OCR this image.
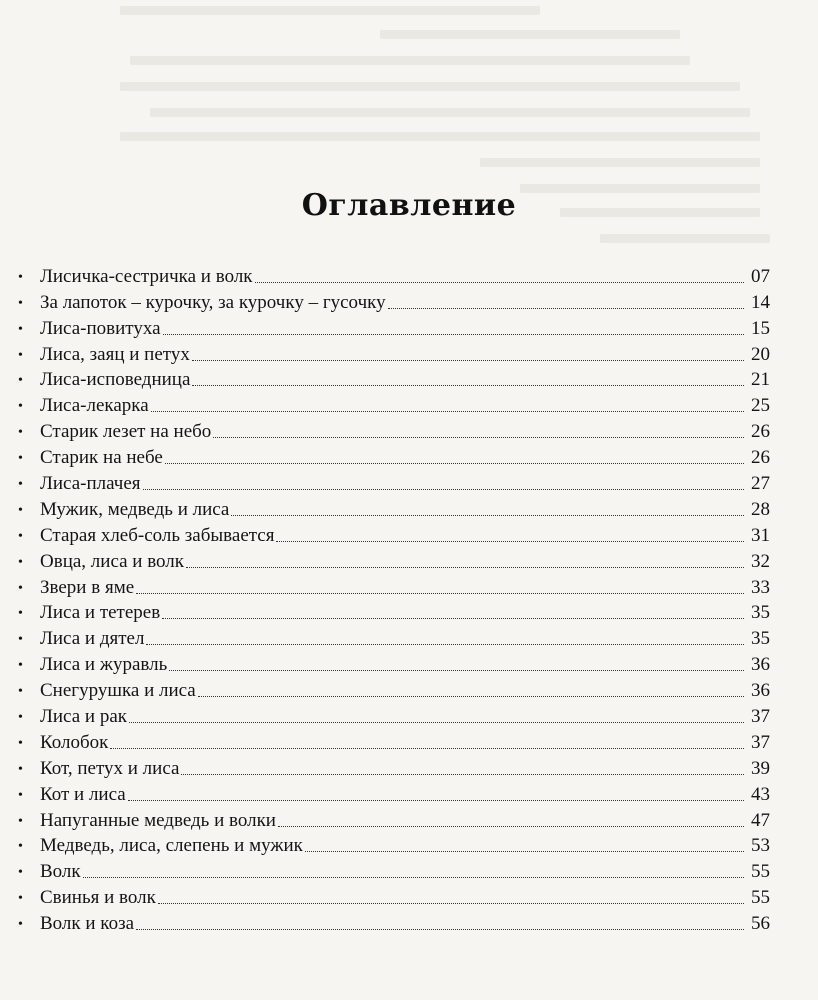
Оглавление
• Лисичка-сестричка и волк	07
• За лапоток – курочку, за курочку – гусочку	14
• Лиса-повитуха	15
• Лиса, заяц и петух	20
• Лиса-исповедница	21
• Лиса-лекарка	25
• Старик лезет на небо	26
• Старик на небе	26
• Лиса-плачея	27
• Мужик, медведь и лиса	28
• Старая хлеб-соль забывается	31
• Овца, лиса и волк	32
• Звери в яме	33
• Лиса и тетерев	35
• Лиса и дятел	35
• Лиса и журавль	36
• Снегурушка и лиса	36
• Лиса и рак	37
• Колобок	37
• Кот, петух и лиса	39
• Кот и лиса	43
• Напуганные медведь и волки	47
• Медведь, лиса, слепень и мужик	53
• Волк	55
• Свинья и волк	55
• Волк и коза	56
